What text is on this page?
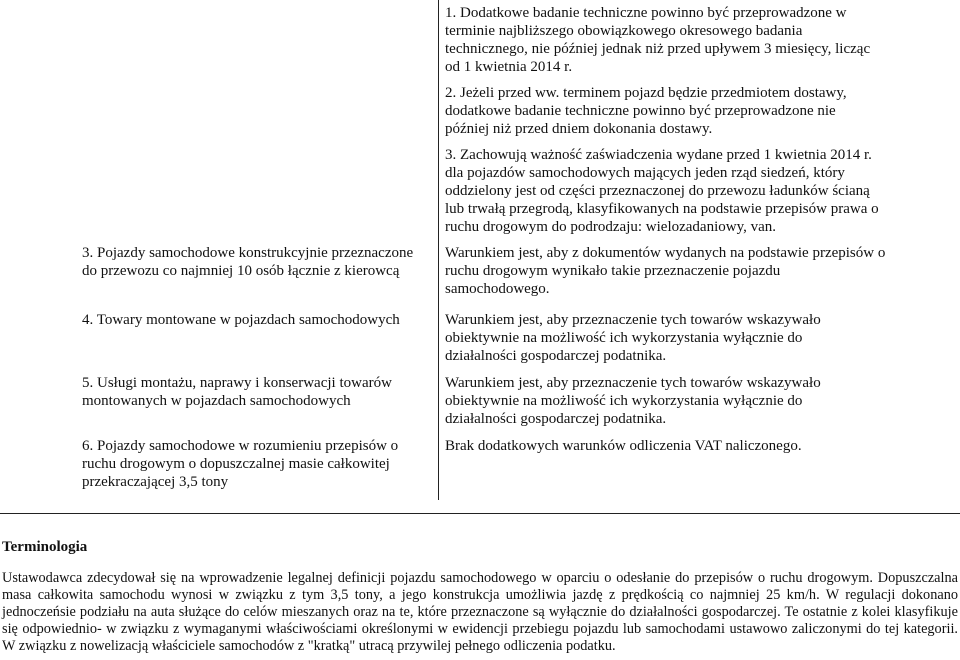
1. Dodatkowe badanie techniczne powinno być przeprowadzone w terminie najbliższego obowiązkowego okresowego badania technicznego, nie później jednak niż przed upływem 3 miesięcy, licząc od 1 kwietnia 2014 r.

2. Jeżeli przed ww. terminem pojazd będzie przedmiotem dostawy, dodatkowe badanie techniczne powinno być przeprowadzone nie później niż przed dniem dokonania dostawy.

3. Zachowują ważność zaświadczenia wydane przed 1 kwietnia 2014 r.

dla pojazdów samochodowych mających jeden rząd siedzeń, który oddzielony jest od części przeznaczonej do przewozu ładunków ścianą lub trwałą przegrodą, klasyfikowanych na podstawie przepisów prawa o ruchu drogowym do podrodzaju: wielozadaniowy, van.

3. Pojazdy samochodowe konstrukcyjnie przeznaczone do przewozu co najmniej 10 osób łącznie z kierowcą

Warunkiem jest, aby z dokumentów wydanych na podstawie przepisów o ruchu drogowym wynikało takie przeznaczenie pojazdu samochodowego.

4. Towary montowane w pojazdach samochodowych	Warunkiem jest, aby przeznaczenie tych towarów wskazywało obiektywnie na możliwość ich wykorzystania wyłącznie do działalności gospodarczej podatnika.

5. Usługi montażu, naprawy i konserwacji towarów montowanych w pojazdach samochodowych

Warunkiem jest, aby przeznaczenie tych towarów wskazywało obiektywnie na możliwość ich wykorzystania wyłącznie do działalności gospodarczej podatnika.

6. Pojazdy samochodowe w rozumieniu przepisów o ruchu drogowym o dopuszczalnej masie całkowitej przekraczającej 3,5 tony

Brak dodatkowych warunków odliczenia VAT naliczonego.

Terminologia

Ustawodawca zdecydował się na wprowadzenie legalnej definicji pojazdu samochodowego w oparciu o odesłanie do przepisów o ruchu drogowym. Dopuszczalna masa całkowita samochodu wynosi w związku z tym 3,5 tony, a jego konstrukcja umożliwia jazdę z prędkością co najmniej 25 km/h. W regulacji dokonano jednoczeńsie podziału na auta służące do celów mieszanych oraz na te, które przeznaczone są wyłącznie do działalności gospodarczej. Te ostatnie z kolei klasyfikuje się odpowiednio- w związku z wymaganymi właściwościami określonymi w ewidencji przebiegu pojazdu lub samochodami ustawowo zaliczonymi do tej kategorii. W związku z nowelizacją właściciele samochodów z "kratką" utracą przywilej pełnego odliczenia podatku.
